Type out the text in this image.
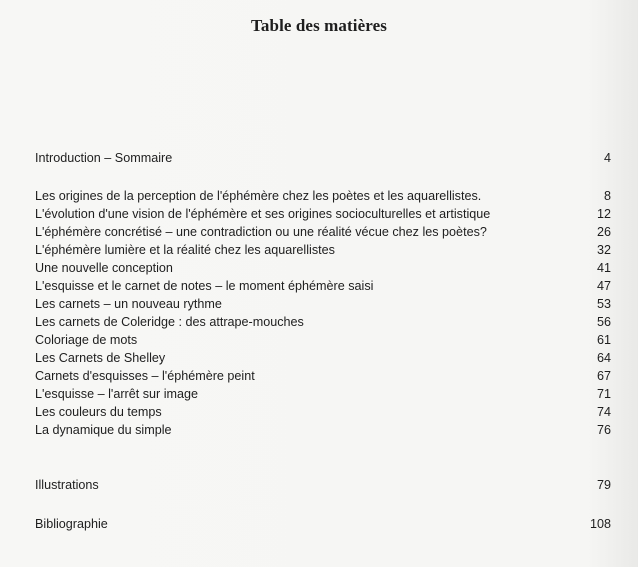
Table des matières
Introduction – Sommaire	4
Les origines de la perception de l'éphémère chez les poètes et les aquarellistes.	8
L'évolution d'une vision de l'éphémère et ses origines socioculturelles et artistique	12
L'éphémère concrétisé – une contradiction ou une réalité vécue chez les poètes?	26
L'éphémère lumière et la réalité chez les aquarellistes	32
Une nouvelle conception	41
L'esquisse et le carnet de notes – le moment éphémère saisi	47
Les carnets – un nouveau rythme	53
Les carnets de Coleridge : des attrape-mouches	56
Coloriage de mots	61
Les Carnets de Shelley	64
Carnets d'esquisses – l'éphémère peint	67
L'esquisse – l'arrêt sur image	71
Les couleurs du temps	74
La dynamique du simple	76
Illustrations	79
Bibliographie	108
